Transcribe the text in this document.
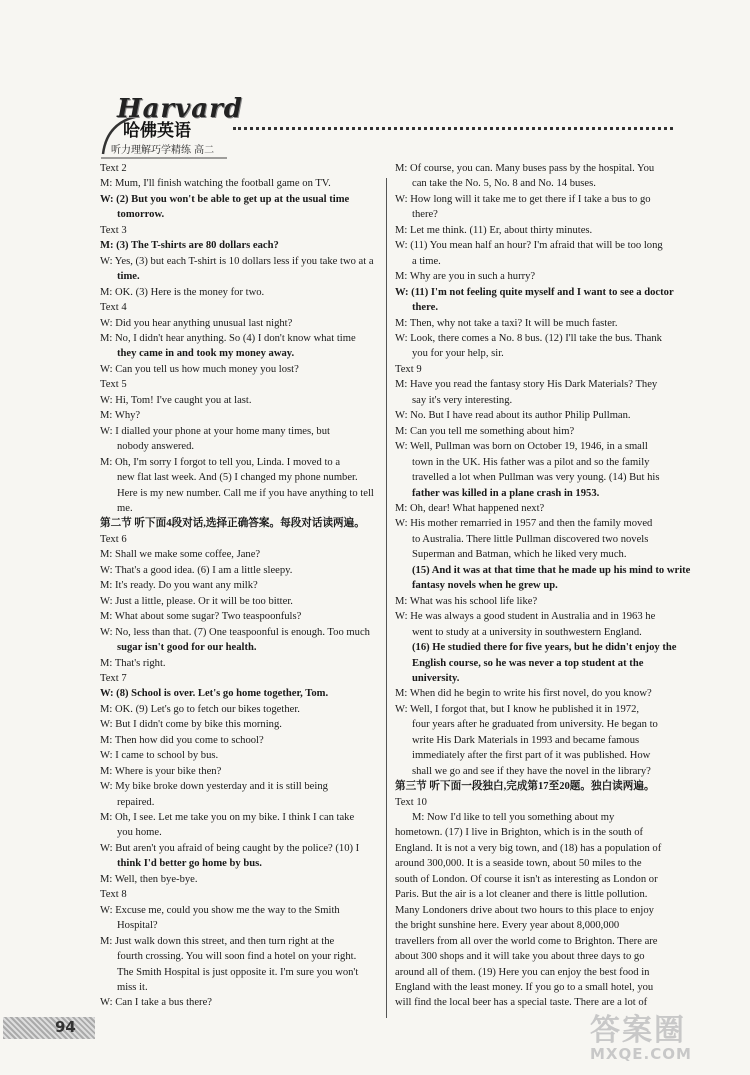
Harvard
哈佛英语
听力理解巧学精练 高二
Text 2
M: Mum, I'll finish watching the football game on TV.
W: (2) But you won't be able to get up at the usual time
tomorrow.
Text 3
M: (3) The T-shirts are 80 dollars each?
W: Yes, (3) but each T-shirt is 10 dollars less if you take two at a
time.
M: OK. (3) Here is the money for two.
Text 4
W: Did you hear anything unusual last night?
M: No, I didn't hear anything. So (4) I don't know what time
they came in and took my money away.
W: Can you tell us how much money you lost?
Text 5
W: Hi, Tom! I've caught you at last.
M: Why?
W: I dialled your phone at your home many times, but
nobody answered.
M: Oh, I'm sorry I forgot to tell you, Linda. I moved to a
new flat last week. And (5) I changed my phone number.
Here is my new number. Call me if you have anything to tell
me.
第二节 听下面4段对话,选择正确答案。每段对话读两遍。
Text 6
M: Shall we make some coffee, Jane?
W: That's a good idea. (6) I am a little sleepy.
M: It's ready. Do you want any milk?
W: Just a little, please. Or it will be too bitter.
M: What about some sugar? Two teaspoonfuls?
W: No, less than that. (7) One teaspoonful is enough. Too much
sugar isn't good for our health.
M: That's right.
Text 7
W: (8) School is over. Let's go home together, Tom.
M: OK. (9) Let's go to fetch our bikes together.
W: But I didn't come by bike this morning.
M: Then how did you come to school?
W: I came to school by bus.
M: Where is your bike then?
W: My bike broke down yesterday and it is still being
repaired.
M: Oh, I see. Let me take you on my bike. I think I can take
you home.
W: But aren't you afraid of being caught by the police? (10) I
think I'd better go home by bus.
M: Well, then bye-bye.
Text 8
W: Excuse me, could you show me the way to the Smith
Hospital?
M: Just walk down this street, and then turn right at the
fourth crossing. You will soon find a hotel on your right.
The Smith Hospital is just opposite it. I'm sure you won't
miss it.
W: Can I take a bus there?
M: Of course, you can. Many buses pass by the hospital. You
can take the No. 5, No. 8 and No. 14 buses.
W: How long will it take me to get there if I take a bus to go
there?
M: Let me think. (11) Er, about thirty minutes.
W: (11) You mean half an hour? I'm afraid that will be too long
a time.
M: Why are you in such a hurry?
W: (11) I'm not feeling quite myself and I want to see a doctor
there.
M: Then, why not take a taxi? It will be much faster.
W: Look, there comes a No. 8 bus. (12) I'll take the bus. Thank
you for your help, sir.
Text 9
M: Have you read the fantasy story His Dark Materials? They
say it's very interesting.
W: No. But I have read about its author Philip Pullman.
M: Can you tell me something about him?
W: Well, Pullman was born on October 19, 1946, in a small
town in the UK. His father was a pilot and so the family
travelled a lot when Pullman was very young. (14) But his
father was killed in a plane crash in 1953.
M: Oh, dear! What happened next?
W: His mother remarried in 1957 and then the family moved
to Australia. There little Pullman discovered two novels
Superman and Batman, which he liked very much.
(15) And it was at that time that he made up his mind to write
fantasy novels when he grew up.
M: What was his school life like?
W: He was always a good student in Australia and in 1963 he
went to study at a university in southwestern England.
(16) He studied there for five years, but he didn't enjoy the
English course, so he was never a top student at the
university.
M: When did he begin to write his first novel, do you know?
W: Well, I forgot that, but I know he published it in 1972,
four years after he graduated from university. He began to
write His Dark Materials in 1993 and became famous
immediately after the first part of it was published. How
shall we go and see if they have the novel in the library?
第三节 听下面一段独白,完成第17至20题。独白读两遍。
Text 10
M: Now I'd like to tell you something about my
hometown. (17) I live in Brighton, which is in the south of
England. It is not a very big town, and (18) has a population of
around 300,000. It is a seaside town, about 50 miles to the
south of London. Of course it isn't as interesting as London or
Paris. But the air is a lot cleaner and there is little pollution.
Many Londoners drive about two hours to this place to enjoy
the bright sunshine here. Every year about 8,000,000
travellers from all over the world come to Brighton. There are
about 300 shops and it will take you about three days to go
around all of them. (19) Here you can enjoy the best food in
England with the least money. If you go to a small hotel, you
will find the local beer has a special taste. There are a lot of
94	答案圈
MXQE.COM
